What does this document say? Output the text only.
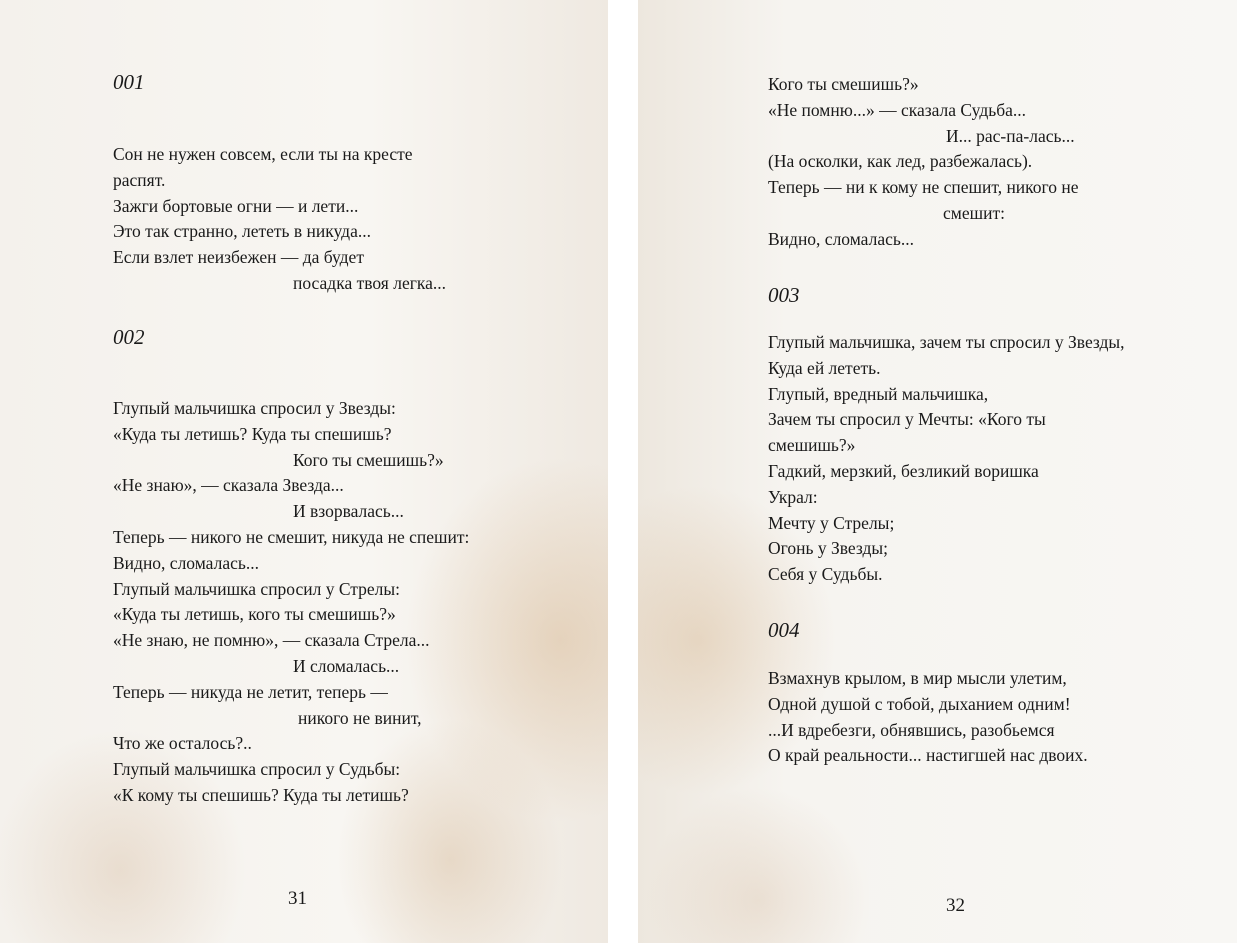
001

Сон не нужен совсем, если ты на кресте
распят.
Зажги бортовые огни — и лети...
Это так странно, лететь в никуда...
Если взлет неизбежен — да будет
посадка твоя легка...

002

Глупый мальчишка спросил у Звезды:
«Куда ты летишь? Куда ты спешишь?
Кого ты смешишь?»
«Не знаю», — сказала Звезда...
И взорвалась...
Теперь — никого не смешит, никуда не спешит:
Видно, сломалась...
Глупый мальчишка спросил у Стрелы:
«Куда ты летишь, кого ты смешишь?»
«Не знаю, не помню», — сказала Стрела...
И сломалась...
Теперь — никуда не летит, теперь —
никого не винит,
Что же осталось?..
Глупый мальчишка спросил у Судьбы:
«К кому ты спешишь? Куда ты летишь?

31

Кого ты смешишь?»
«Не помню...» — сказала Судьба...
И... рас-па-лась...
(На осколки, как лед, разбежалась).
Теперь — ни к кому не спешит, никого не
смешит:
Видно, сломалась...

003

Глупый мальчишка, зачем ты спросил у Звезды,
Куда ей лететь.
Глупый, вредный мальчишка,
Зачем ты спросил у Мечты: «Кого ты
смешишь?»
Гадкий, мерзкий, безликий воришка
Украл:
Мечту у Стрелы;
Огонь у Звезды;
Себя у Судьбы.

004

Взмахнув крылом, в мир мысли улетим,
Одной душой с тобой, дыханием одним!
...И вдребезги, обнявшись, разобьемся
О край реальности... настигшей нас двоих.

32
